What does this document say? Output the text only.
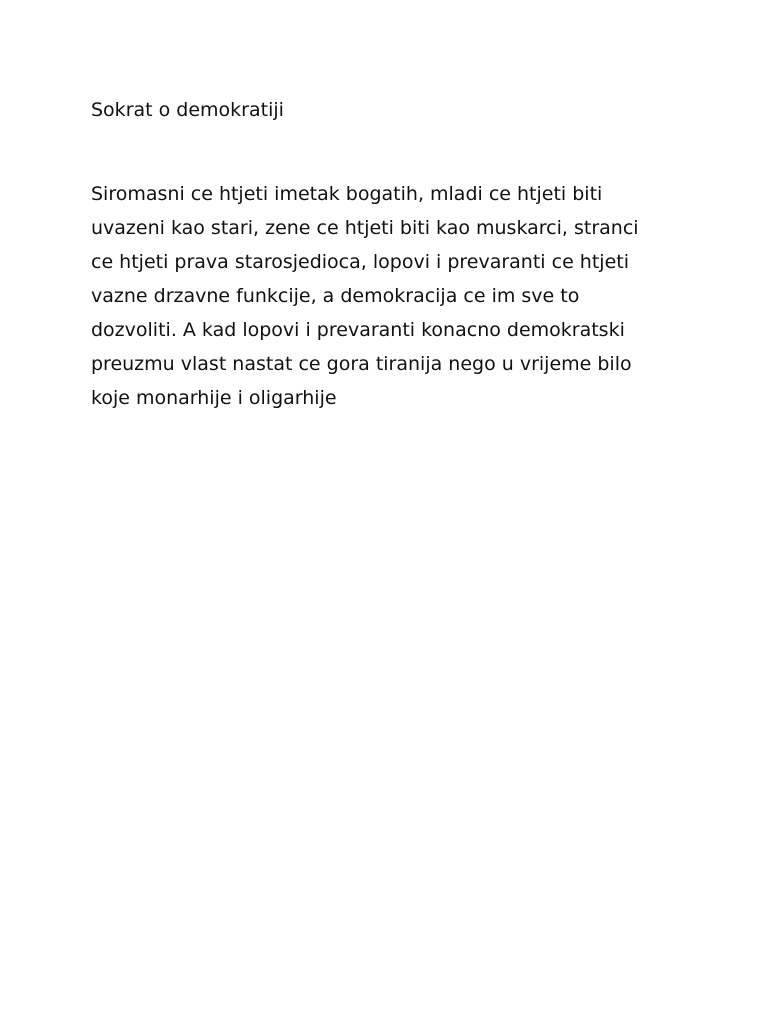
Sokrat o demokratiji
Siromasni ce htjeti imetak bogatih, mladi ce htjeti biti
uvazeni kao stari, zene ce htjeti biti kao muskarci, stranci
ce htjeti prava starosjedioca, lopovi i prevaranti ce htjeti
vazne drzavne funkcije, a demokracija ce im sve to
dozvoliti. A kad lopovi i prevaranti konacno demokratski
preuzmu vlast nastat ce gora tiranija nego u vrijeme bilo
koje monarhije i oligarhije
